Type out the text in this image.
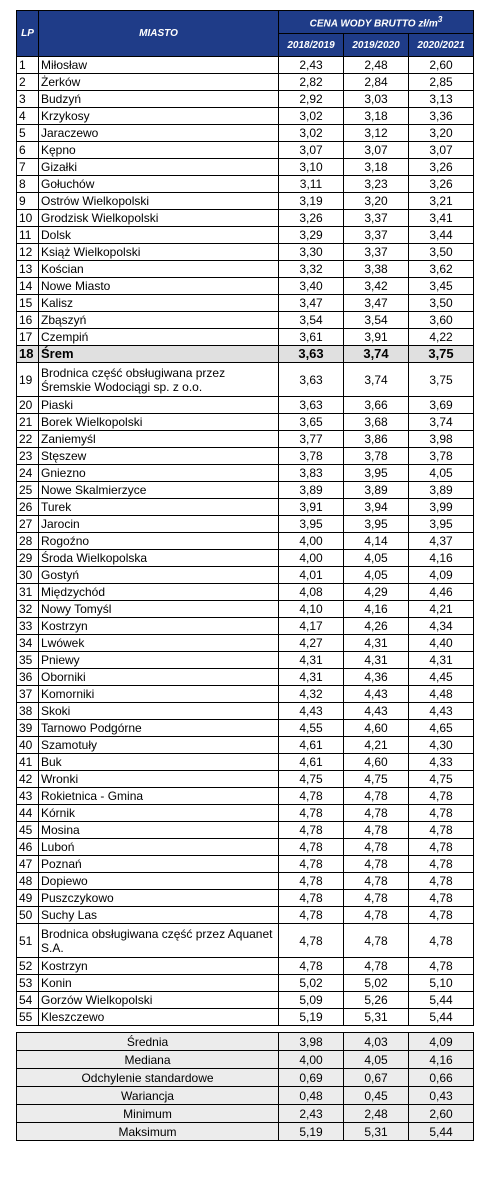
LP	MIASTO	CENA WODY BRUTTO $zł/m^3$
		2018/2019	2019/2020	2020/2021
1	Miłosław	2,43	2,48	2,60
2	Żerków	2,82	2,84	2,85
3	Budzyń	2,92	3,03	3,13
4	Krzykosy	3,02	3,18	3,36
5	Jaraczewo	3,02	3,12	3,20
6	Kępno	3,07	3,07	3,07
7	Gizałki	3,10	3,18	3,26
8	Gołuchów	3,11	3,23	3,26
9	Ostrów Wielkopolski	3,19	3,20	3,21
10	Grodzisk Wielkopolski	3,26	3,37	3,41
11	Dolsk	3,29	3,37	3,44
12	Książ Wielkopolski	3,30	3,37	3,50
13	Kościan	3,32	3,38	3,62
14	Nowe Miasto	3,40	3,42	3,45
15	Kalisz	3,47	3,47	3,50
16	Zbąszyń	3,54	3,54	3,60
17	Czempiń	3,61	3,91	4,22
18	Śrem	3,63	3,74	3,75
19	Brodnica część obsługiwana przez Śremskie Wodociągi sp. z o.o.	3,63	3,74	3,75
20	Piaski	3,63	3,66	3,69
21	Borek Wielkopolski	3,65	3,68	3,74
22	Zaniemyśl	3,77	3,86	3,98
23	Stęszew	3,78	3,78	3,78
24	Gniezno	3,83	3,95	4,05
25	Nowe Skalmierzyce	3,89	3,89	3,89
26	Turek	3,91	3,94	3,99
27	Jarocin	3,95	3,95	3,95
28	Rogoźno	4,00	4,14	4,37
29	Środa Wielkopolska	4,00	4,05	4,16
30	Gostyń	4,01	4,05	4,09
31	Międzychód	4,08	4,29	4,46
32	Nowy Tomyśl	4,10	4,16	4,21
33	Kostrzyn	4,17	4,26	4,34
34	Lwówek	4,27	4,31	4,40
35	Pniewy	4,31	4,31	4,31
36	Oborniki	4,31	4,36	4,45
37	Komorniki	4,32	4,43	4,48
38	Skoki	4,43	4,43	4,43
39	Tarnowo Podgórne	4,55	4,60	4,65
40	Szamotuły	4,61	4,21	4,30
41	Buk	4,61	4,60	4,33
42	Wronki	4,75	4,75	4,75
43	Rokietnica - Gmina	4,78	4,78	4,78
44	Kórnik	4,78	4,78	4,78
45	Mosina	4,78	4,78	4,78
46	Luboń	4,78	4,78	4,78
47	Poznań	4,78	4,78	4,78
48	Dopiewo	4,78	4,78	4,78
49	Puszczykowo	4,78	4,78	4,78
50	Suchy Las	4,78	4,78	4,78
51	Brodnica obsługiwana część przez Aquanet S.A.	4,78	4,78	4,78
52	Kostrzyn	4,78	4,78	4,78
53	Konin	5,02	5,02	5,10
54	Gorzów Wielkopolski	5,09	5,26	5,44
55	Kleszczewo	5,19	5,31	5,44
Średnia	3,98	4,03	4,09
Mediana	4,00	4,05	4,16
Odchylenie standardowe	0,69	0,67	0,66
Wariancja	0,48	0,45	0,43
Minimum	2,43	2,48	2,60
Maksimum	5,19	5,31	5,44
